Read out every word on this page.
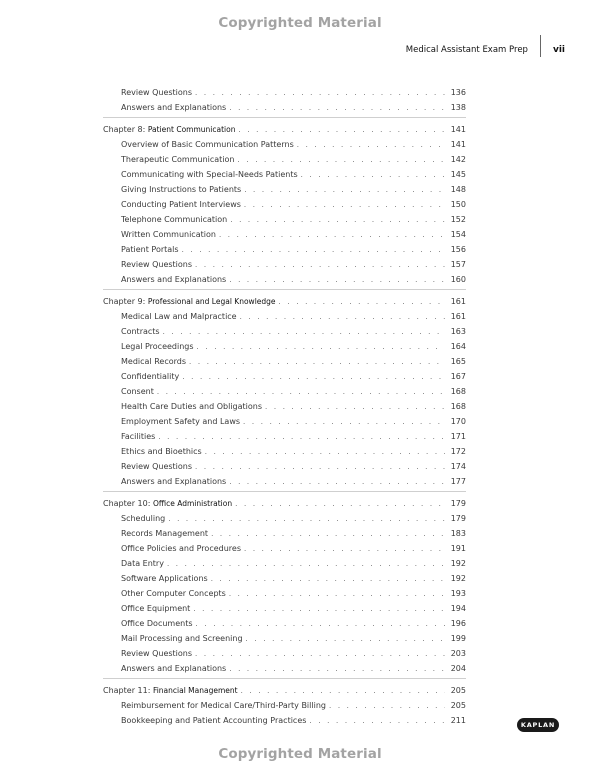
Copyrighted Material
Medical Assistant Exam Prep	vii
Review Questions . . .	136
Answers and Explanations . . .	138
Chapter 8: Patient Communication . . .	141
Overview of Basic Communication Patterns . . .	141
Therapeutic Communication . . .	142
Communicating with Special-Needs Patients . . .	145
Giving Instructions to Patients . . .	148
Conducting Patient Interviews . . .	150
Telephone Communication . . .	152
Written Communication . . .	154
Patient Portals . . .	156
Review Questions . . .	157
Answers and Explanations . . .	160
Chapter 9: Professional and Legal Knowledge . . .	161
Medical Law and Malpractice . . .	161
Contracts . . .	163
Legal Proceedings . . .	164
Medical Records . . .	165
Confidentiality . . .	167
Consent . . .	168
Health Care Duties and Obligations . . .	168
Employment Safety and Laws . . .	170
Facilities . . .	171
Ethics and Bioethics . . .	172
Review Questions . . .	174
Answers and Explanations . . .	177
Chapter 10: Office Administration . . .	179
Scheduling . . .	179
Records Management . . .	183
Office Policies and Procedures . . .	191
Data Entry . . .	192
Software Applications . . .	192
Other Computer Concepts . . .	193
Office Equipment . . .	194
Office Documents . . .	196
Mail Processing and Screening . . .	199
Review Questions . . .	203
Answers and Explanations . . .	204
Chapter 11: Financial Management . . .	205
Reimbursement for Medical Care/Third-Party Billing . . .	205
Bookkeeping and Patient Accounting Practices . . .	211	KAPLAN
Copyrighted Material
